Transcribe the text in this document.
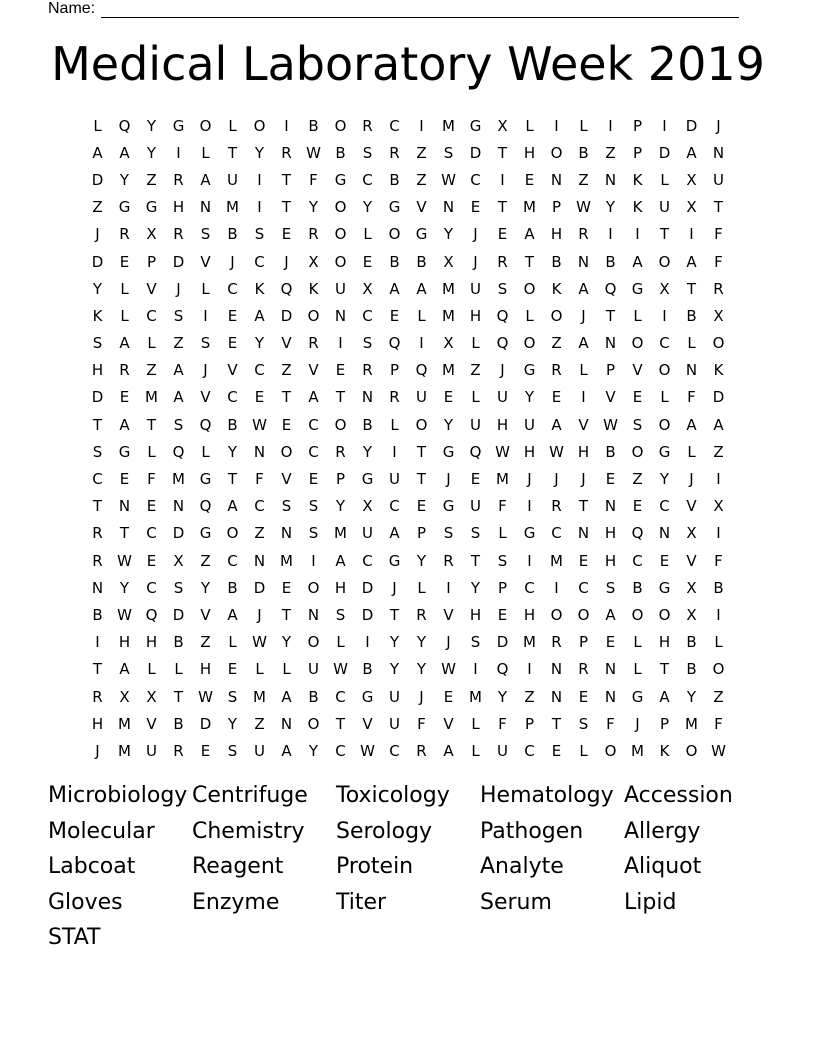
Name:
Medical Laboratory Week 2019
L	Q	Y	G	O	L	O	I	B	O	R	C	I	M G	X	L	I	L	I	P	I	D	J
A	A	Y	I	L	T	Y	R W B	S	R	Z	S	D	T	H	O	B	Z	P	D	A	N
D	Y	Z	R	A	U	I	T	F	G	C	B	Z W C	I	E	N	Z	N	K	L	X	U
Z	G	G	H	N M	I	T	Y	O	Y	G	V	N	E	T	M	P	W Y	K	U	X	T
J	R	X	R	S	B	S	E	R	O	L	O	G	Y	J	E	A	H	R	I	I	T	I	F
D	E	P	D	V	J	C	J	X	O	E	B	B	X	J	R	T	B	N	B	A	O	A	F
Y	L	V	J	L	C	K	Q	K	U	X	A	A	M	U	S	O	K	A	Q	G	X	T	R
K	L	C	S	I	E	A	D	O	N	C	E	L	M H	Q	L	O	J	T	L	I	B	X
S	A	L	Z	S	E	Y	V	R	I	S	Q	I	X	L	Q	O	Z	A	N	O	C	L	O
H	R	Z	A	J	V	C	Z	V	E	R	P	Q M	Z	J	G	R	L	P	V	O	N	K
D	E	M	A	V	C	E	T	A	T	N	R	U	E	L	U	Y	E	I	V	E	L	F	D
T	A	T	S	Q	B W E	C	O	B	L	O	Y	U	H	U	A	V W S	O	A	A
S	G	L	Q	L	Y	N	O	C	R	Y	I	T	G	Q W H W H	B	O	G	L	Z
C	E	F	M G	T	F	V	E	P	G	U	T	J	E	M	J	J	J	E	Z	Y	J	I
T	N	E	N	Q	A	C	S	S	Y	X	C	E	G	U	F	I	R	T	N	E	C	V	X
R	T	C	D	G	O	Z	N	S	M	U	A	P	S	S	L	G	C	N	H	Q	N	X	I
R W E	X	Z	C	N M	I	A	C	G	Y	R	T	S	I	M	E	H	C	E	V	F
N	Y	C	S	Y	B	D	E	O	H	D	J	L	I	Y	P	C	I	C	S	B	G	X	B
B W Q	D	V	A	J	T	N	S	D	T	R	V	H	E	H	O	O	A	O	O	X	I
I	H	H	B	Z	L	W Y	O	L	I	Y	Y	J	S	D M	R	P	E	L	H	B	L
T	A	L	L	H	E	L	L	U W B	Y	Y	W	I	Q	I	N	R	N	L	T	B	O
R	X	X	T	W S	M	A	B	C	G	U	J	E	M	Y	Z	N	E	N	G	A	Y	Z
H M	V	B	D	Y	Z	N	O	T	V	U	F	V	L	F	P	T	S	F	J	P	M	F
J	M	U	R	E	S	U	A	Y	C W C	R	A	L	U	C	E	L	O M	K	O W
Microbiology Centrifuge	Toxicology	Hematology Accession
Molecular	Chemistry	Serology	Pathogen	Allergy
Labcoat	Reagent	Protein	Analyte	Aliquot
Gloves	Enzyme	Titer	Serum	Lipid
STAT
